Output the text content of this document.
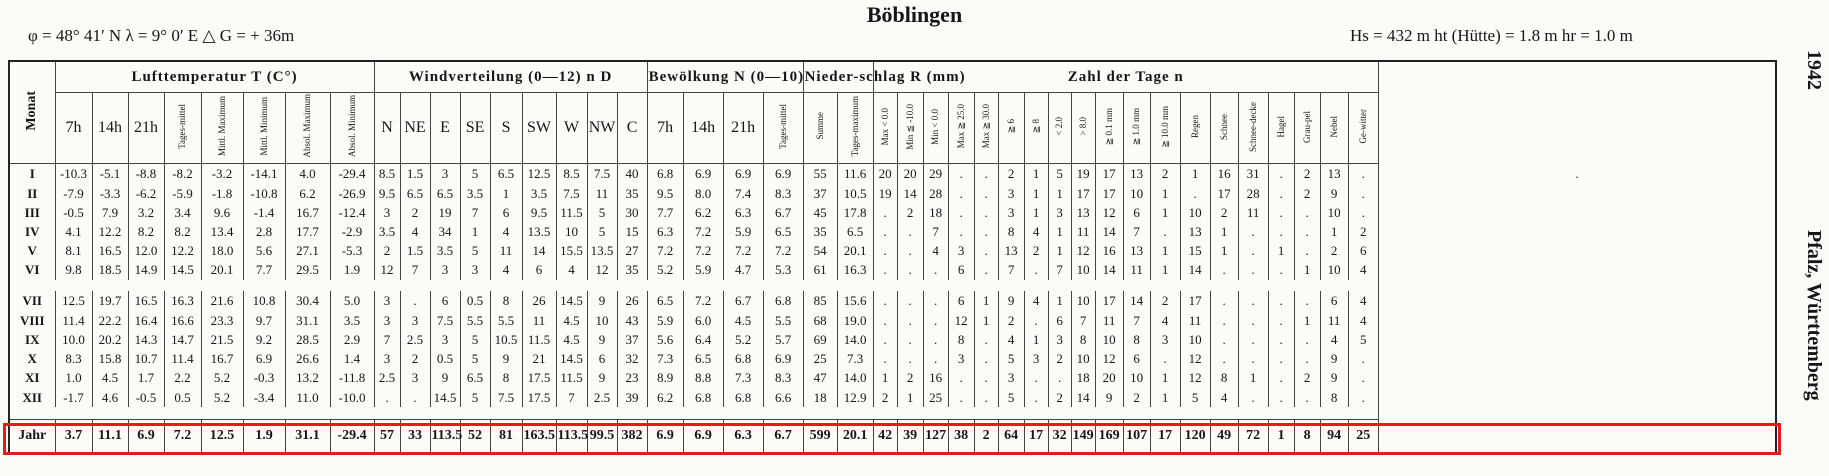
Böblingen
φ = 48° 41′ N λ = 9° 0′ E △ G = + 36m	Hs = 432 m ht (Hütte) = 1.8 m hr = 1.0 m
1942
Pfalz, Württemberg
Monat	Lufttemperatur T (C°)								Windverteilung (0—12) n D									Bewölkung N (0—10)				Nieder-schlag R (mm)		Zahl der Tage n																			
	7h	14h	21h	Tages-mittel	Mittl. Maximum	Mittl. Minimum	Absol. Maximum	Absol. Minimum	N	NE	E	SE	S	SW	W	NW	C	7h	14h	21h	Tages-mittel	Summe	Tages-maximum	Max < 0.0	Min ≦ -10.0	Min < 0.0	Max ≧ 25.0	Max ≧ 30.0	≧ 6	≧ 8	< 2.0	> 8.0	≧ 0.1 mm	≧ 1.0 mm	≧ 10.0 mm	Regen	Schnee	Schnee-decke	Hagel	Grau-pel	Nebel	Ge-witter	
I	-10.3	-5.1	-8.8	-8.2	-3.2	-14.1	4.0	-29.4	8.5	1.5	3	5	6.5	12.5	8.5	7.5	40	6.8	6.9	6.9	6.9	55	11.6	20	20	29	.	.	2	1	5	19	17	13	2	1	16	31	.	2	13	.	.
II	-7.9	-3.3	-6.2	-5.9	-1.8	-10.8	6.2	-26.9	9.5	6.5	6.5	3.5	1	3.5	7.5	11	35	9.5	8.0	7.4	8.3	37	10.5	19	14	28	.	.	3	1	1	17	17	10	1	.	17	28	.	2	9	.	
III	-0.5	7.9	3.2	3.4	9.6	-1.4	16.7	-12.4	3	2	19	7	6	9.5	11.5	5	30	7.7	6.2	6.3	6.7	45	17.8	.	2	18	.	.	3	1	3	13	12	6	1	10	2	11	.	.	10	.	
IV	4.1	12.2	8.2	8.2	13.4	2.8	17.7	-2.9	3.5	4	34	1	4	13.5	10	5	15	6.3	7.2	5.9	6.5	35	6.5	.	.	7	.	.	8	4	1	11	14	7	.	13	1	.	.	.	1	2	
V	8.1	16.5	12.0	12.2	18.0	5.6	27.1	-5.3	2	1.5	3.5	5	11	14	15.5	13.5	27	7.2	7.2	7.2	7.2	54	20.1	.	.	4	3	.	13	2	1	12	16	13	1	15	1	.	1	.	2	6	
VI	9.8	18.5	14.9	14.5	20.1	7.7	29.5	1.9	12	7	3	3	4	6	4	12	35	5.2	5.9	4.7	5.3	61	16.3	.	.	.	6	.	7	.	7	10	14	11	1	14	.	.	.	1	10	4	

VII	12.5	19.7	16.5	16.3	21.6	10.8	30.4	5.0	3	.	6	0.5	8	26	14.5	9	26	6.5	7.2	6.7	6.8	85	15.6	.	.	.	6	1	9	4	1	10	17	14	2	17	.	.	.	.	6	4	
VIII	11.4	22.2	16.4	16.6	23.3	9.7	31.1	3.5	3	3	7.5	5.5	5.5	11	4.5	10	43	5.9	6.0	4.5	5.5	68	19.0	.	.	.	12	1	2	.	6	7	11	7	4	11	.	.	.	1	11	4	
IX	10.0	20.2	14.3	14.7	21.5	9.2	28.5	2.9	7	2.5	3	5	10.5	11.5	4.5	9	37	5.6	6.4	5.2	5.7	69	14.0	.	.	.	8	.	4	1	3	8	10	8	3	10	.	.	.	.	4	5	
X	8.3	15.8	10.7	11.4	16.7	6.9	26.6	1.4	3	2	0.5	5	9	21	14.5	6	32	7.3	6.5	6.8	6.9	25	7.3	.	.	.	3	.	5	3	2	10	12	6	.	12	.	.	.	.	9	.	
XI	1.0	4.5	1.7	2.2	5.2	-0.3	13.2	-11.8	2.5	3	9	6.5	8	17.5	11.5	9	23	8.9	8.8	7.3	8.3	47	14.0	1	2	16	.	.	3	.	.	18	20	10	1	12	8	1	.	2	9	.	
XII	-1.7	4.6	-0.5	0.5	5.2	-3.4	11.0	-10.0	.	.	14.5	5	7.5	17.5	7	2.5	39	6.2	6.8	6.8	6.6	18	12.9	2	1	25	.	.	5	.	2	14	9	2	1	5	4	.	.	.	8	.	

Jahr	3.7	11.1	6.9	7.2	12.5	1.9	31.1	-29.4	57	33	113.5	52	81	163.5	113.5	99.5	382	6.9	6.9	6.3	6.7	599	20.1	42	39	127	38	2	64	17	32	149	169	107	17	120	49	72	1	8	94	25	
